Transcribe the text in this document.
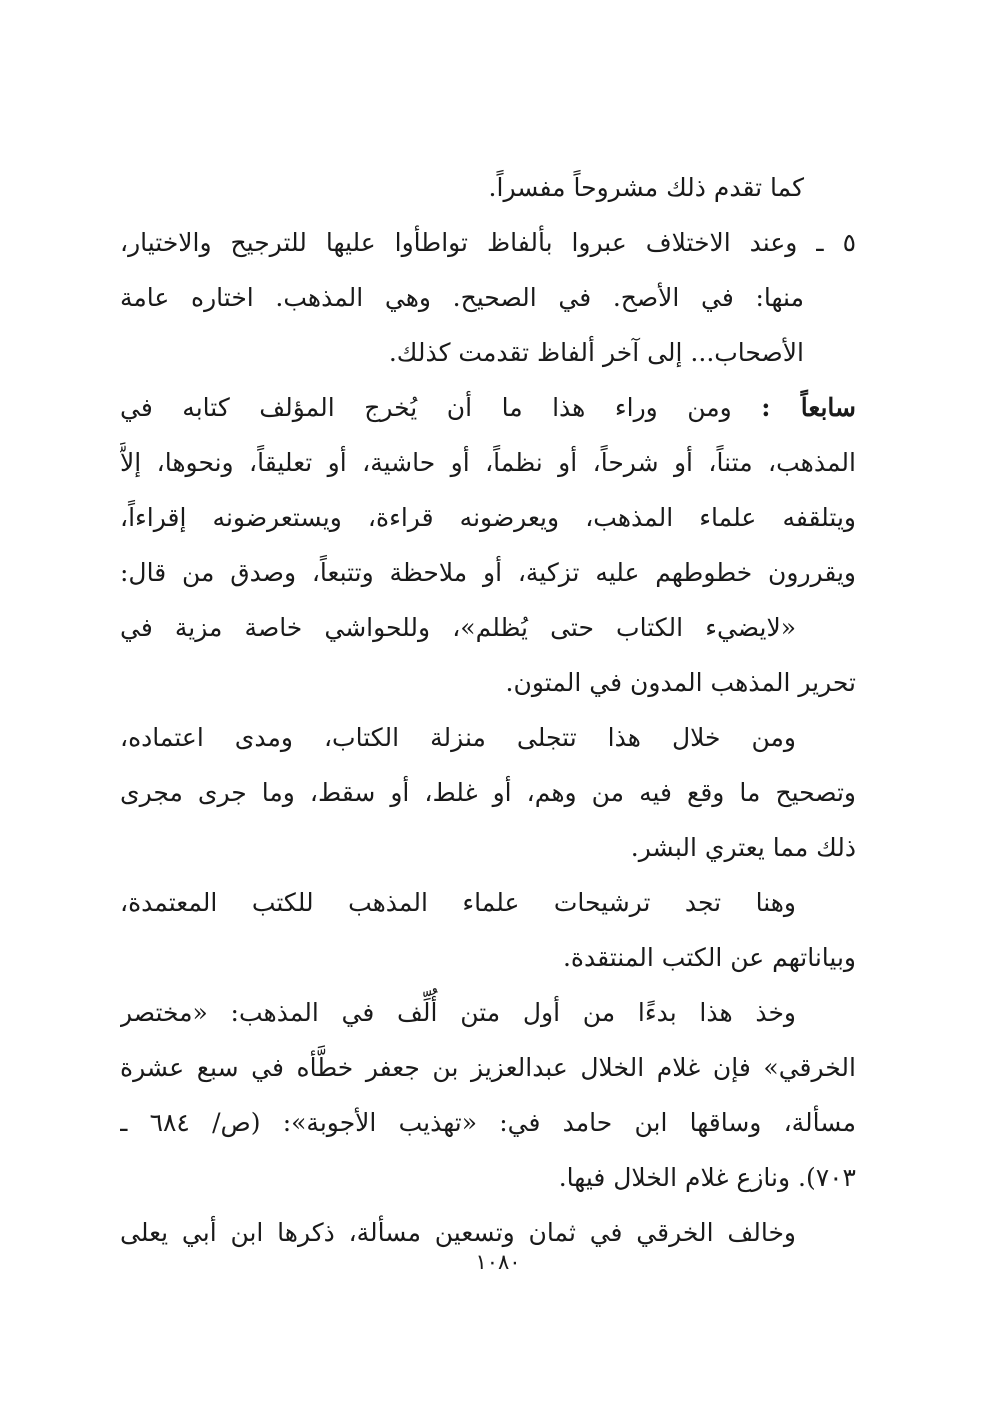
كما تقدم ذلك مشروحاً مفسراً.
٥ ـ وعند الاختلاف عبروا بألفاظ تواطأوا عليها للترجيح والاختيار،
منها: في الأصح. في الصحيح. وهي المذهب. اختاره عامة
الأصحاب... إلى آخر ألفاظ تقدمت كذلك.
سابعاً : ومن وراء هذا ما أن يُخرج المؤلف كتابه في
المذهب، متناً، أو شرحاً، أو نظماً، أو حاشية، أو تعليقاً، ونحوها، إلاَّ
ويتلقفه علماء المذهب، ويعرضونه قراءة، ويستعرضونه إقراءاً،
ويقررون خطوطهم عليه تزكية، أو ملاحظة وتتبعاً، وصدق من قال:
«لايضيء الكتاب حتى يُظلم»، وللحواشي خاصة مزية في
تحرير المذهب المدون في المتون.
ومن خلال هذا تتجلى منزلة الكتاب، ومدى اعتماده،
وتصحيح ما وقع فيه من وهم، أو غلط، أو سقط، وما جرى مجرى
ذلك مما يعتري البشر.
وهنا تجد ترشيحات علماء المذهب للكتب المعتمدة،
وبياناتهم عن الكتب المنتقدة.
وخذ هذا بدءًا من أول متن أُلِّف في المذهب: «مختصر
الخرقي» فإن غلام الخلال عبدالعزيز بن جعفر خطَّأه في سبع عشرة
مسألة، وساقها ابن حامد في: «تهذيب الأجوبة»: (ص/ ٦٨٤ ـ
٧٠٣). ونازع غلام الخلال فيها.
وخالف الخرقي في ثمان وتسعين مسألة، ذكرها ابن أبي يعلى
١٠٨٠
